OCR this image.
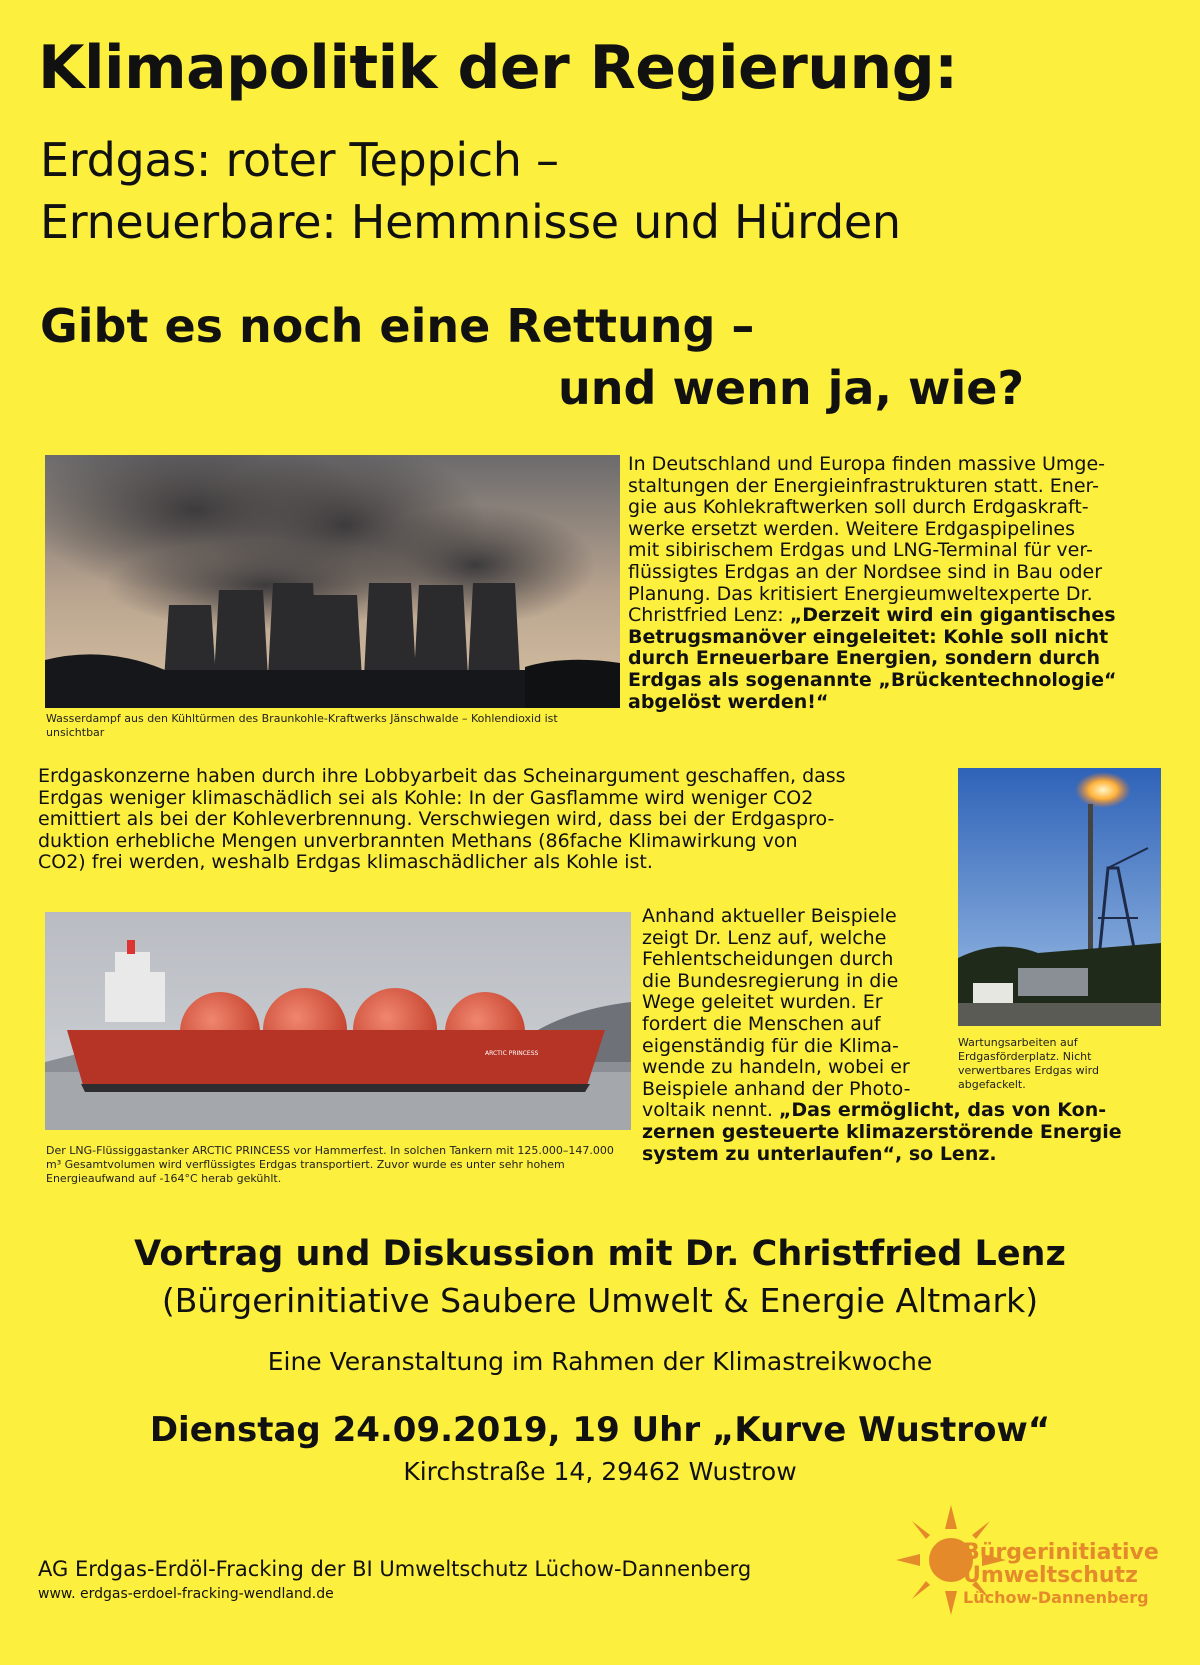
Klimapolitik der Regierung:
Erdgas: roter Teppich –
Erneuerbare: Hemmnisse und Hürden
Gibt es noch eine Rettung –
und wenn ja, wie?
Wasserdampf aus den Kühltürmen des Braunkohle-Kraftwerks Jänschwalde – Kohlendioxid ist unsichtbar
In Deutschland und Europa finden massive Umge-
staltungen der Energieinfrastrukturen statt. Ener-
gie aus Kohlekraftwerken soll durch Erdgaskraft-
werke ersetzt werden. Weitere Erdgaspipelines
mit sibirischem Erdgas und LNG-Terminal für ver-
flüssigtes Erdgas an der Nordsee sind in Bau oder
Planung. Das kritisiert Energieumweltexperte Dr.
Christfried Lenz: „Derzeit wird ein gigantisches
Betrugsmanöver eingeleitet: Kohle soll nicht
durch Erneuerbare Energien, sondern durch
Erdgas als sogenannte „Brückentechnologie“
abgelöst werden!“
Erdgaskonzerne haben durch ihre Lobbyarbeit das Scheinargument geschaffen, dass
Erdgas weniger klimaschädlich sei als Kohle: In der Gasflamme wird weniger CO2
emittiert als bei der Kohleverbrennung. Verschwiegen wird, dass bei der Erdgaspro-
duktion erhebliche Mengen unverbrannten Methans (86fache Klimawirkung von
CO2) frei werden, weshalb Erdgas klimaschädlicher als Kohle ist.
Wartungsarbeiten auf Erdgasförderplatz. Nicht verwertbares Erdgas wird abgefackelt.
ARCTIC PRINCESS
Der LNG-Flüssiggastanker ARCTIC PRINCESS vor Hammerfest. In solchen Tankern mit 125.000–147.000 m³ Gesamtvolumen wird verflüssigtes Erdgas transportiert. Zuvor wurde es unter sehr hohem Energieaufwand auf -164°C herab gekühlt.
Anhand aktueller Beispiele
zeigt Dr. Lenz auf, welche
Fehlentscheidungen durch
die Bundesregierung in die
Wege geleitet wurden. Er
fordert die Menschen auf
eigenständig für die Klima-
wende zu handeln, wobei er
Beispiele anhand der Photo-
voltaik nennt. „Das ermöglicht, das von Kon-
zernen gesteuerte klimazerstörende Energie
system zu unterlaufen“, so Lenz.
Vortrag und Diskussion mit Dr. Christfried Lenz
(Bürgerinitiative Saubere Umwelt & Energie Altmark)
Eine Veranstaltung im Rahmen der Klimastreikwoche
Dienstag 24.09.2019, 19 Uhr „Kurve Wustrow“
Kirchstraße 14, 29462 Wustrow
AG Erdgas-Erdöl-Fracking der BI Umweltschutz Lüchow-Dannenberg
www. erdgas-erdoel-fracking-wendland.de
Bürgerinitiative
Umweltschutz
Lüchow-Dannenberg
